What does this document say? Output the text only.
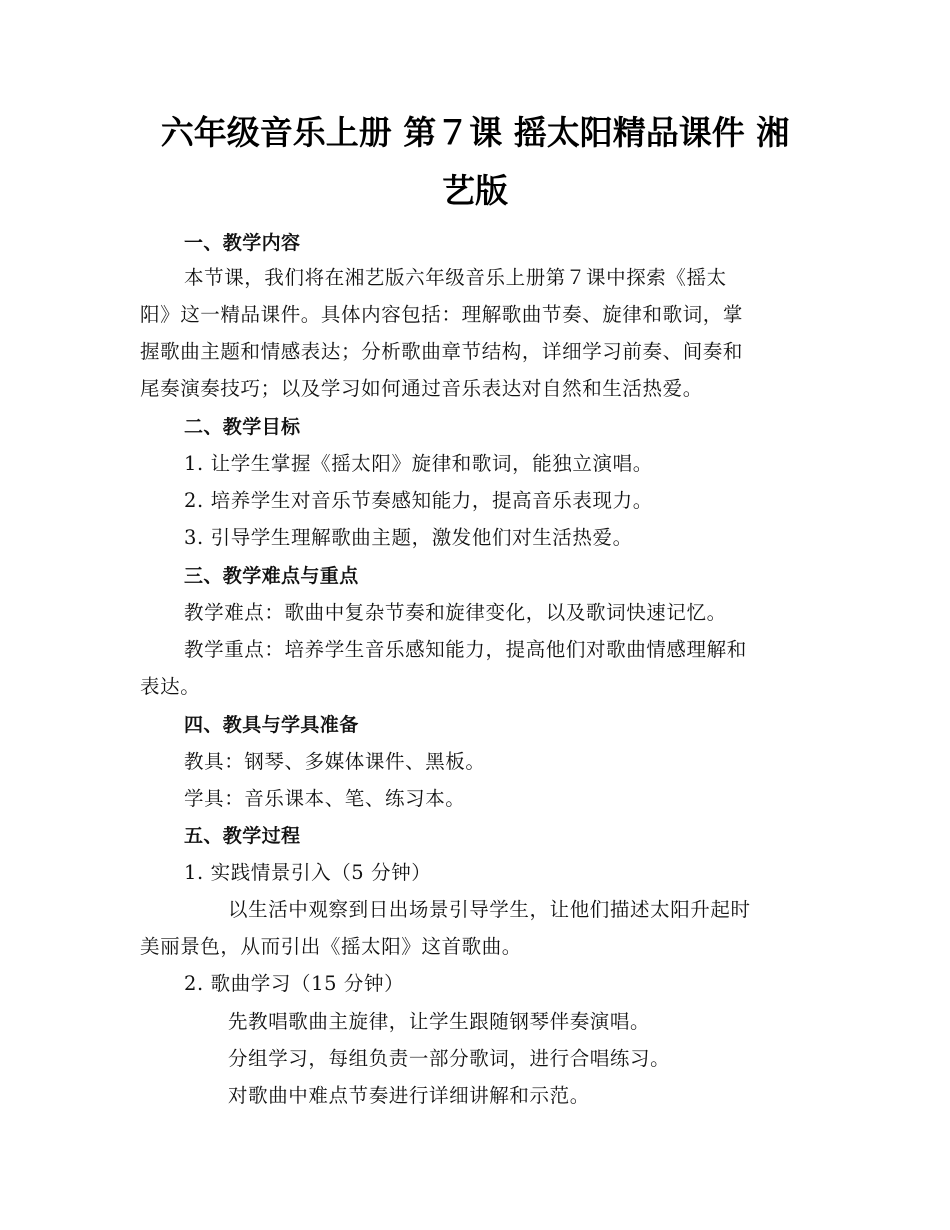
六年级音乐上册 第７课 摇太阳精品课件 湘
艺版
一、教学内容
本节课，我们将在湘艺版六年级音乐上册第７课中探索《摇太
阳》这一精品课件。具体内容包括：理解歌曲节奏、旋律和歌词，掌
握歌曲主题和情感表达；分析歌曲章节结构，详细学习前奏、间奏和
尾奏演奏技巧；以及学习如何通过音乐表达对自然和生活热爱。
二、教学目标
1. 让学生掌握《摇太阳》旋律和歌词，能独立演唱。
2. 培养学生对音乐节奏感知能力，提高音乐表现力。
3. 引导学生理解歌曲主题，激发他们对生活热爱。
三、教学难点与重点
教学难点：歌曲中复杂节奏和旋律变化，以及歌词快速记忆。
教学重点：培养学生音乐感知能力，提高他们对歌曲情感理解和
表达。
四、教具与学具准备
教具：钢琴、多媒体课件、黑板。
学具：音乐课本、笔、练习本。
五、教学过程
1. 实践情景引入（5 分钟）
以生活中观察到日出场景引导学生，让他们描述太阳升起时
美丽景色，从而引出《摇太阳》这首歌曲。
2. 歌曲学习（15 分钟）
先教唱歌曲主旋律，让学生跟随钢琴伴奏演唱。
分组学习，每组负责一部分歌词，进行合唱练习。
对歌曲中难点节奏进行详细讲解和示范。
